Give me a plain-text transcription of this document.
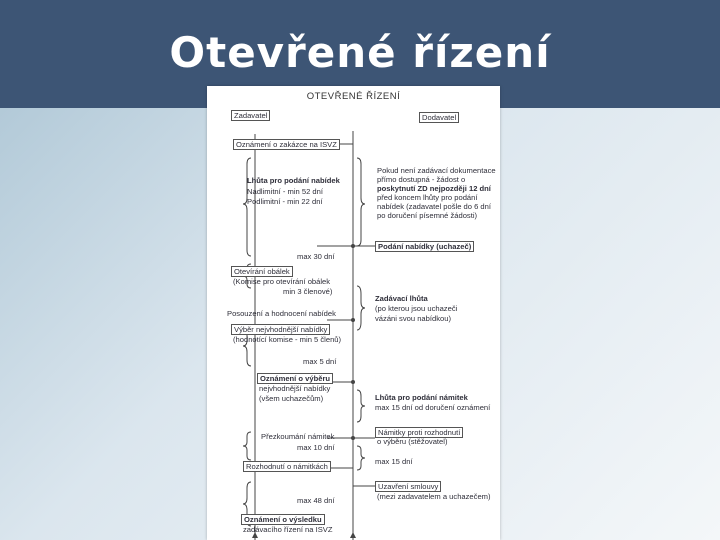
Otevřené řízení
OTEVŘENÉ ŘÍZENÍ
Zadavatel	Dodavatel
Oznámení o zakázce na ISVZ
Lhůta pro podání nabídek
Nadlimitní - min 52 dní
Podlimitní - min 22 dní
max 30 dní
Otevírání obálek
(Komise pro otevírání obálek
min 3 členové)
Posouzení a hodnocení nabídek
Výběr nejvhodnější nabídky
(hodnotící komise - min 5 členů)
max 5 dní
Oznámení o výběru
nejvhodnější nabídky
(všem uchazečům)
Přezkoumání námitek
max 10 dní
Rozhodnutí o námitkách
max 48 dní
Oznámení o výsledku
zadávacího řízení na ISVZ
Pokud není zadávací dokumentace
přímo dostupná - žádost o
poskytnutí ZD nejpozději 12 dní
před koncem lhůty pro podání
nabídek (zadavatel pošle do 6 dní
po doručení písemné žádosti)
Podání nabídky (uchazeč)
Zadávací lhůta
(po kterou jsou uchazeči
vázáni svou nabídkou)
Lhůta pro podání námitek
max 15 dní od doručení oznámení
Námitky proti rozhodnutí
o výběru (stěžovatel)
max 15 dní
Uzavření smlouvy
(mezi zadavatelem a uchazečem)
